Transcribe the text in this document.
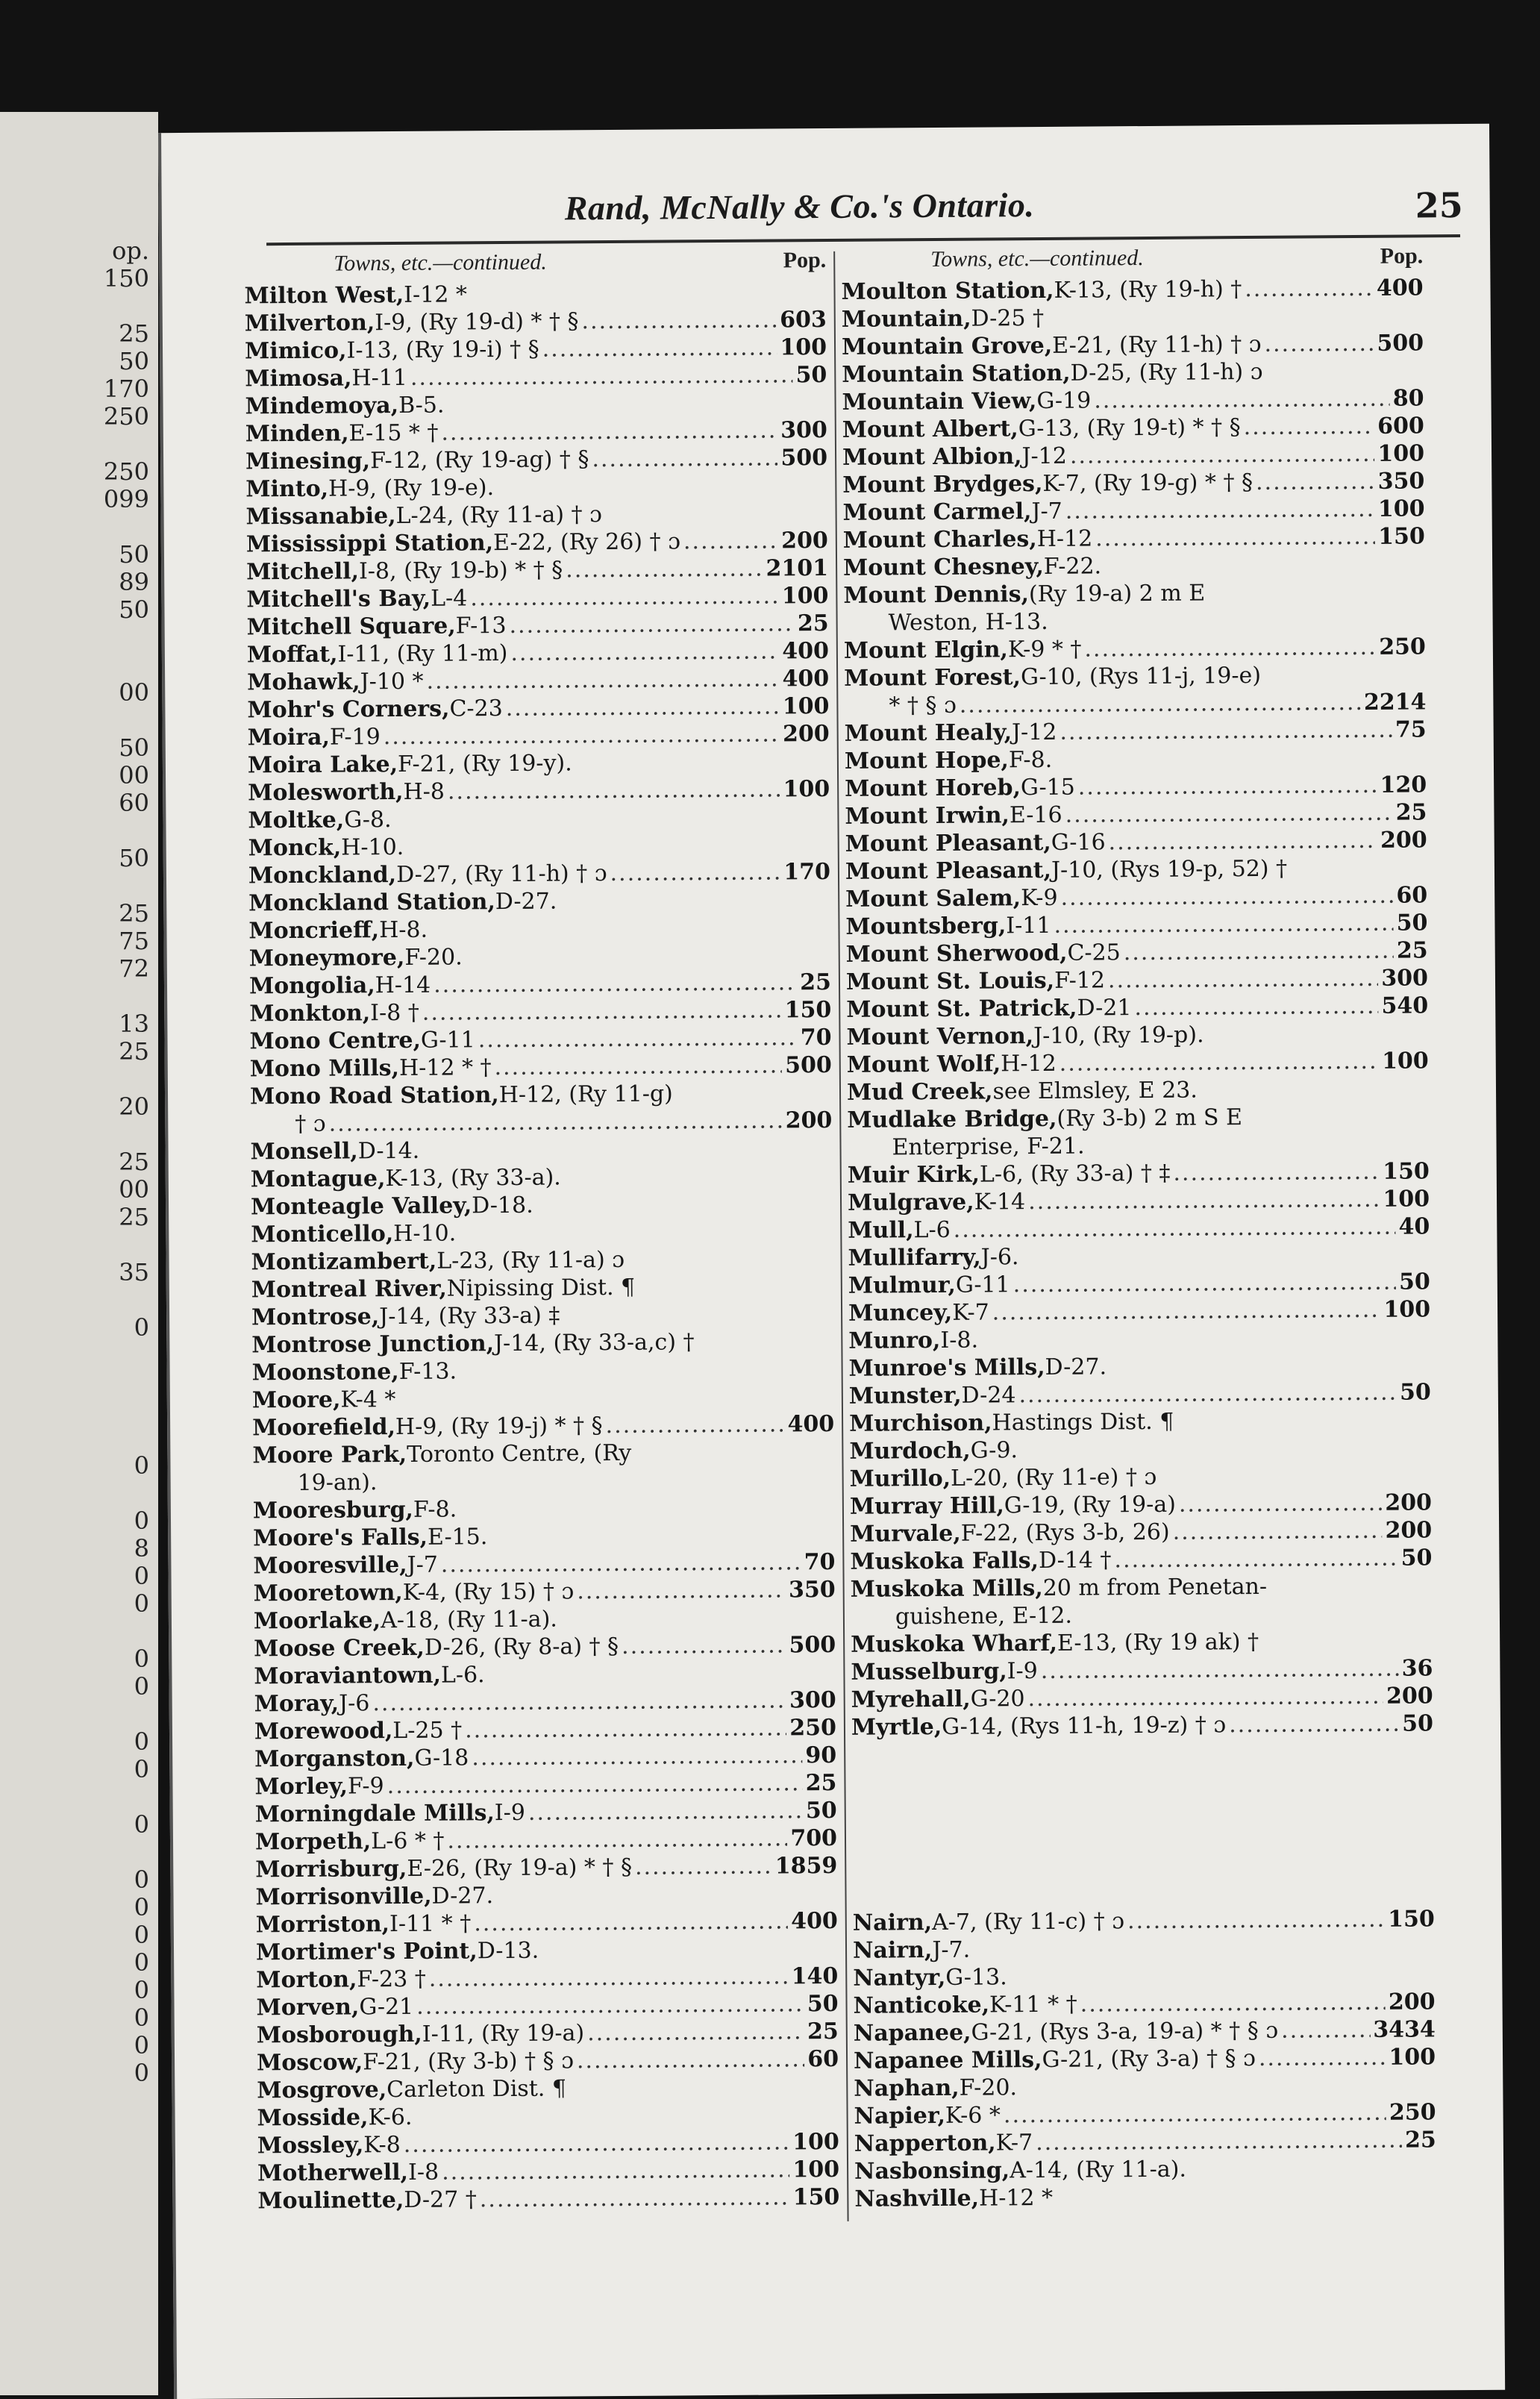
op.
150
25
50
170
250
250
099
50
89
50
00
50
00
60
50
25
75
72
13
25
20
25
00
25
35
0
0
0
8
0
0
0
0
0
0
0
0
0
0
0
0
0
0
0
Rand, McNally & Co.'s Ontario.	25
Towns, etc.—continued.	Pop.
Milton West, I-12 *
Milverton, I-9, (Ry 19-d) * † § .....	603
Mimico, I-13, (Ry 19-i) † § .....	100
Mimosa, H-11 .....	50
Mindemoya, B-5.
Minden, E-15 * † .....	300
Minesing, F-12, (Ry 19-ag) † § .....	500
Minto, H-9, (Ry 19-e).
Missanabie, L-24, (Ry 11-a) † ɔ
Mississippi Station, E-22, (Ry 26) † ɔ .....	200
Mitchell, I-8, (Ry 19-b) * † § .....	2101
Mitchell's Bay, L-4 .....	100
Mitchell Square, F-13 .....	25
Moffat, I-11, (Ry 11-m) .....	400
Mohawk, J-10 * .....	400
Mohr's Corners, C-23 .....	100
Moira, F-19 .....	200
Moira Lake, F-21, (Ry 19-y).
Molesworth, H-8 .....	100
Moltke, G-8.
Monck, H-10.
Monckland, D-27, (Ry 11-h) † ɔ .....	170
Monckland Station, D-27.
Moncrieff, H-8.
Moneymore, F-20.
Mongolia, H-14 .....	25
Monkton, I-8 † .....	150
Mono Centre, G-11 .....	70
Mono Mills, H-12 * † .....	500
Mono Road Station, H-12, (Ry 11-g)
† ɔ .....	200
Monsell, D-14.
Montague, K-13, (Ry 33-a).
Monteagle Valley, D-18.
Monticello, H-10.
Montizambert, L-23, (Ry 11-a) ɔ
Montreal River, Nipissing Dist. ¶
Montrose, J-14, (Ry 33-a) ‡
Montrose Junction, J-14, (Ry 33-a,c) †
Moonstone, F-13.
Moore, K-4 *
Moorefield, H-9, (Ry 19-j) * † § .....	400
Moore Park, Toronto Centre, (Ry
19-an).
Mooresburg, F-8.
Moore's Falls, E-15.
Mooresville, J-7 .....	70
Mooretown, K-4, (Ry 15) † ɔ .....	350
Moorlake, A-18, (Ry 11-a).
Moose Creek, D-26, (Ry 8-a) † § .....	500
Moraviantown, L-6.
Moray, J-6 .....	300
Morewood, L-25 † .....	250
Morganston, G-18 .....	90
Morley, F-9 .....	25
Morningdale Mills, I-9 .....	50
Morpeth, L-6 * † .....	700
Morrisburg, E-26, (Ry 19-a) * † § .....	1859
Morrisonville, D-27.
Morriston, I-11 * † .....	400
Mortimer's Point, D-13.
Morton, F-23 † .....	140
Morven, G-21 .....	50
Mosborough, I-11, (Ry 19-a) .....	25
Moscow, F-21, (Ry 3-b) † § ɔ .....	60
Mosgrove, Carleton Dist. ¶
Mosside, K-6.
Mossley, K-8 .....	100
Motherwell, I-8 .....	100
Moulinette, D-27 † .....	150
Towns, etc.—continued.	Pop.
Moulton Station, K-13, (Ry 19-h) † .....	400
Mountain, D-25 †
Mountain Grove, E-21, (Ry 11-h) † ɔ .....	500
Mountain Station, D-25, (Ry 11-h) ɔ
Mountain View, G-19 .....	80
Mount Albert, G-13, (Ry 19-t) * † § .....	600
Mount Albion, J-12 .....	100
Mount Brydges, K-7, (Ry 19-g) * † § .....	350
Mount Carmel, J-7 .....	100
Mount Charles, H-12 .....	150
Mount Chesney, F-22.
Mount Dennis, (Ry 19-a) 2 m E
Weston, H-13.
Mount Elgin, K-9 * † .....	250
Mount Forest, G-10, (Rys 11-j, 19-e)
* † § ɔ .....	2214
Mount Healy, J-12 .....	75
Mount Hope, F-8.
Mount Horeb, G-15 .....	120
Mount Irwin, E-16 .....	25
Mount Pleasant, G-16 .....	200
Mount Pleasant, J-10, (Rys 19-p, 52) †
Mount Salem, K-9 .....	60
Mountsberg, I-11 .....	50
Mount Sherwood, C-25 .....	25
Mount St. Louis, F-12 .....	300
Mount St. Patrick, D-21 .....	540
Mount Vernon, J-10, (Ry 19-p).
Mount Wolf, H-12 .....	100
Mud Creek, see Elmsley, E 23.
Mudlake Bridge, (Ry 3-b) 2 m S E
Enterprise, F-21.
Muir Kirk, L-6, (Ry 33-a) † ‡ .....	150
Mulgrave, K-14 .....	100
Mull, L-6 .....	40
Mullifarry, J-6.
Mulmur, G-11 .....	50
Muncey, K-7 .....	100
Munro, I-8.
Munroe's Mills, D-27.
Munster, D-24 .....	50
Murchison, Hastings Dist. ¶
Murdoch, G-9.
Murillo, L-20, (Ry 11-e) † ɔ
Murray Hill, G-19, (Ry 19-a) .....	200
Murvale, F-22, (Rys 3-b, 26) .....	200
Muskoka Falls, D-14 † .....	50
Muskoka Mills, 20 m from Penetan-
guishene, E-12.
Muskoka Wharf, E-13, (Ry 19 ak) †
Musselburg, I-9 .....	36
Myrehall, G-20 .....	200
Myrtle, G-14, (Rys 11-h, 19-z) † ɔ .....	50
Nairn, A-7, (Ry 11-c) † ɔ .....	150
Nairn, J-7.
Nantyr, G-13.
Nanticoke, K-11 * † .....	200
Napanee, G-21, (Rys 3-a, 19-a) * † § ɔ .....	3434
Napanee Mills, G-21, (Ry 3-a) † § ɔ .....	100
Naphan, F-20.
Napier, K-6 * .....	250
Napperton, K-7 .....	25
Nasbonsing, A-14, (Ry 11-a).
Nashville, H-12 *
